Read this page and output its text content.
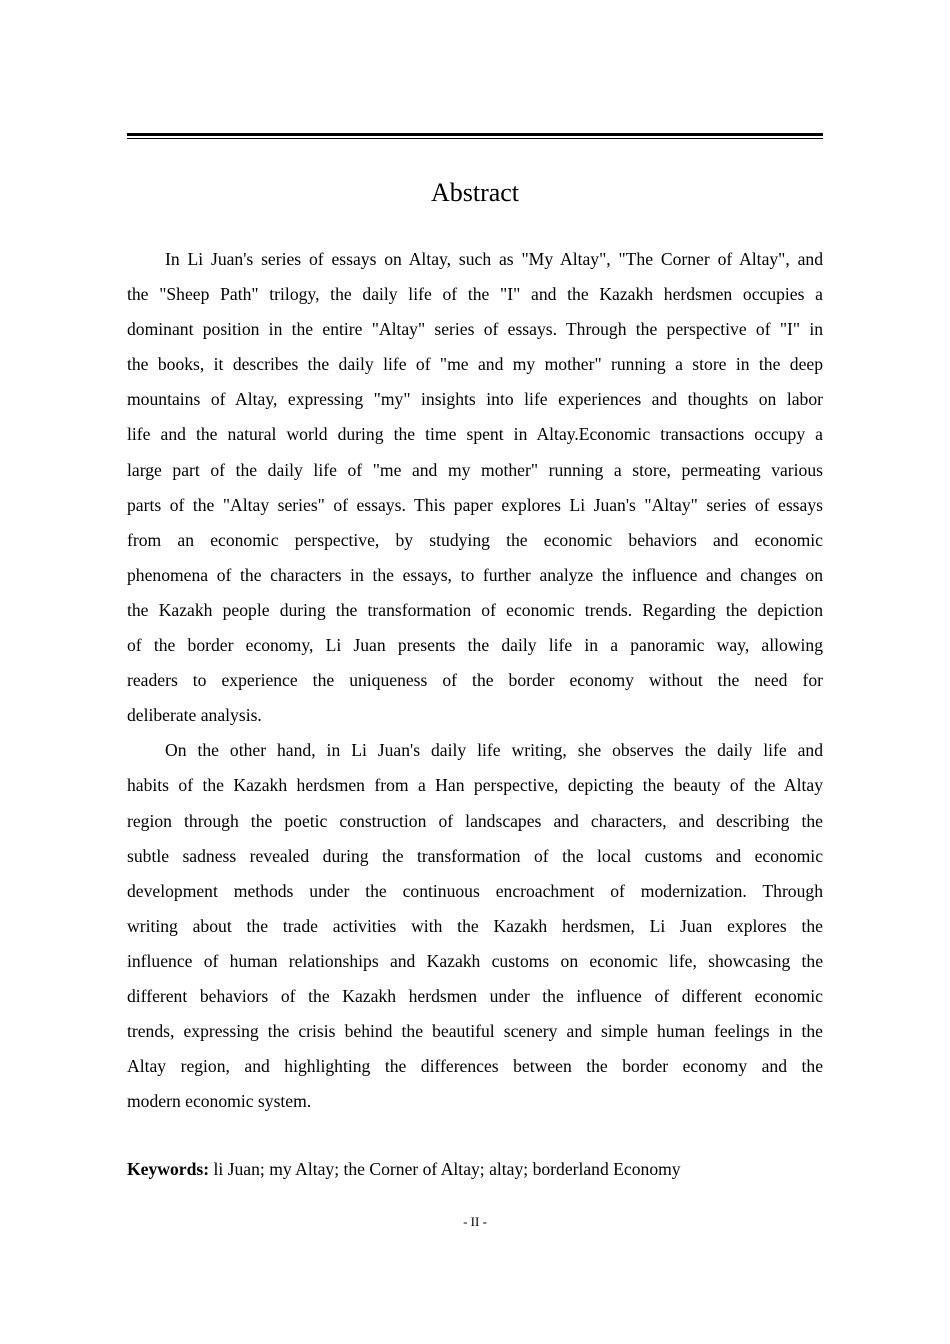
Abstract
In Li Juan's series of essays on Altay, such as "My Altay", "The Corner of Altay", and
the "Sheep Path" trilogy, the daily life of the "I" and the Kazakh herdsmen occupies a
dominant position in the entire "Altay" series of essays. Through the perspective of "I" in
the books, it describes the daily life of "me and my mother" running a store in the deep
mountains of Altay, expressing "my" insights into life experiences and thoughts on labor
life and the natural world during the time spent in Altay.Economic transactions occupy a
large part of the daily life of "me and my mother" running a store, permeating various
parts of the "Altay series" of essays. This paper explores Li Juan's "Altay" series of essays
from an economic perspective, by studying the economic behaviors and economic
phenomena of the characters in the essays, to further analyze the influence and changes on
the Kazakh people during the transformation of economic trends. Regarding the depiction
of the border economy, Li Juan presents the daily life in a panoramic way, allowing
readers to experience the uniqueness of the border economy without the need for
deliberate analysis.
On the other hand, in Li Juan's daily life writing, she observes the daily life and
habits of the Kazakh herdsmen from a Han perspective, depicting the beauty of the Altay
region through the poetic construction of landscapes and characters, and describing the
subtle sadness revealed during the transformation of the local customs and economic
development methods under the continuous encroachment of modernization. Through
writing about the trade activities with the Kazakh herdsmen, Li Juan explores the
influence of human relationships and Kazakh customs on economic life, showcasing the
different behaviors of the Kazakh herdsmen under the influence of different economic
trends, expressing the crisis behind the beautiful scenery and simple human feelings in the
Altay region, and highlighting the differences between the border economy and the
modern economic system.
Keywords: li Juan; my Altay; the Corner of Altay; altay; borderland Economy
- II -
